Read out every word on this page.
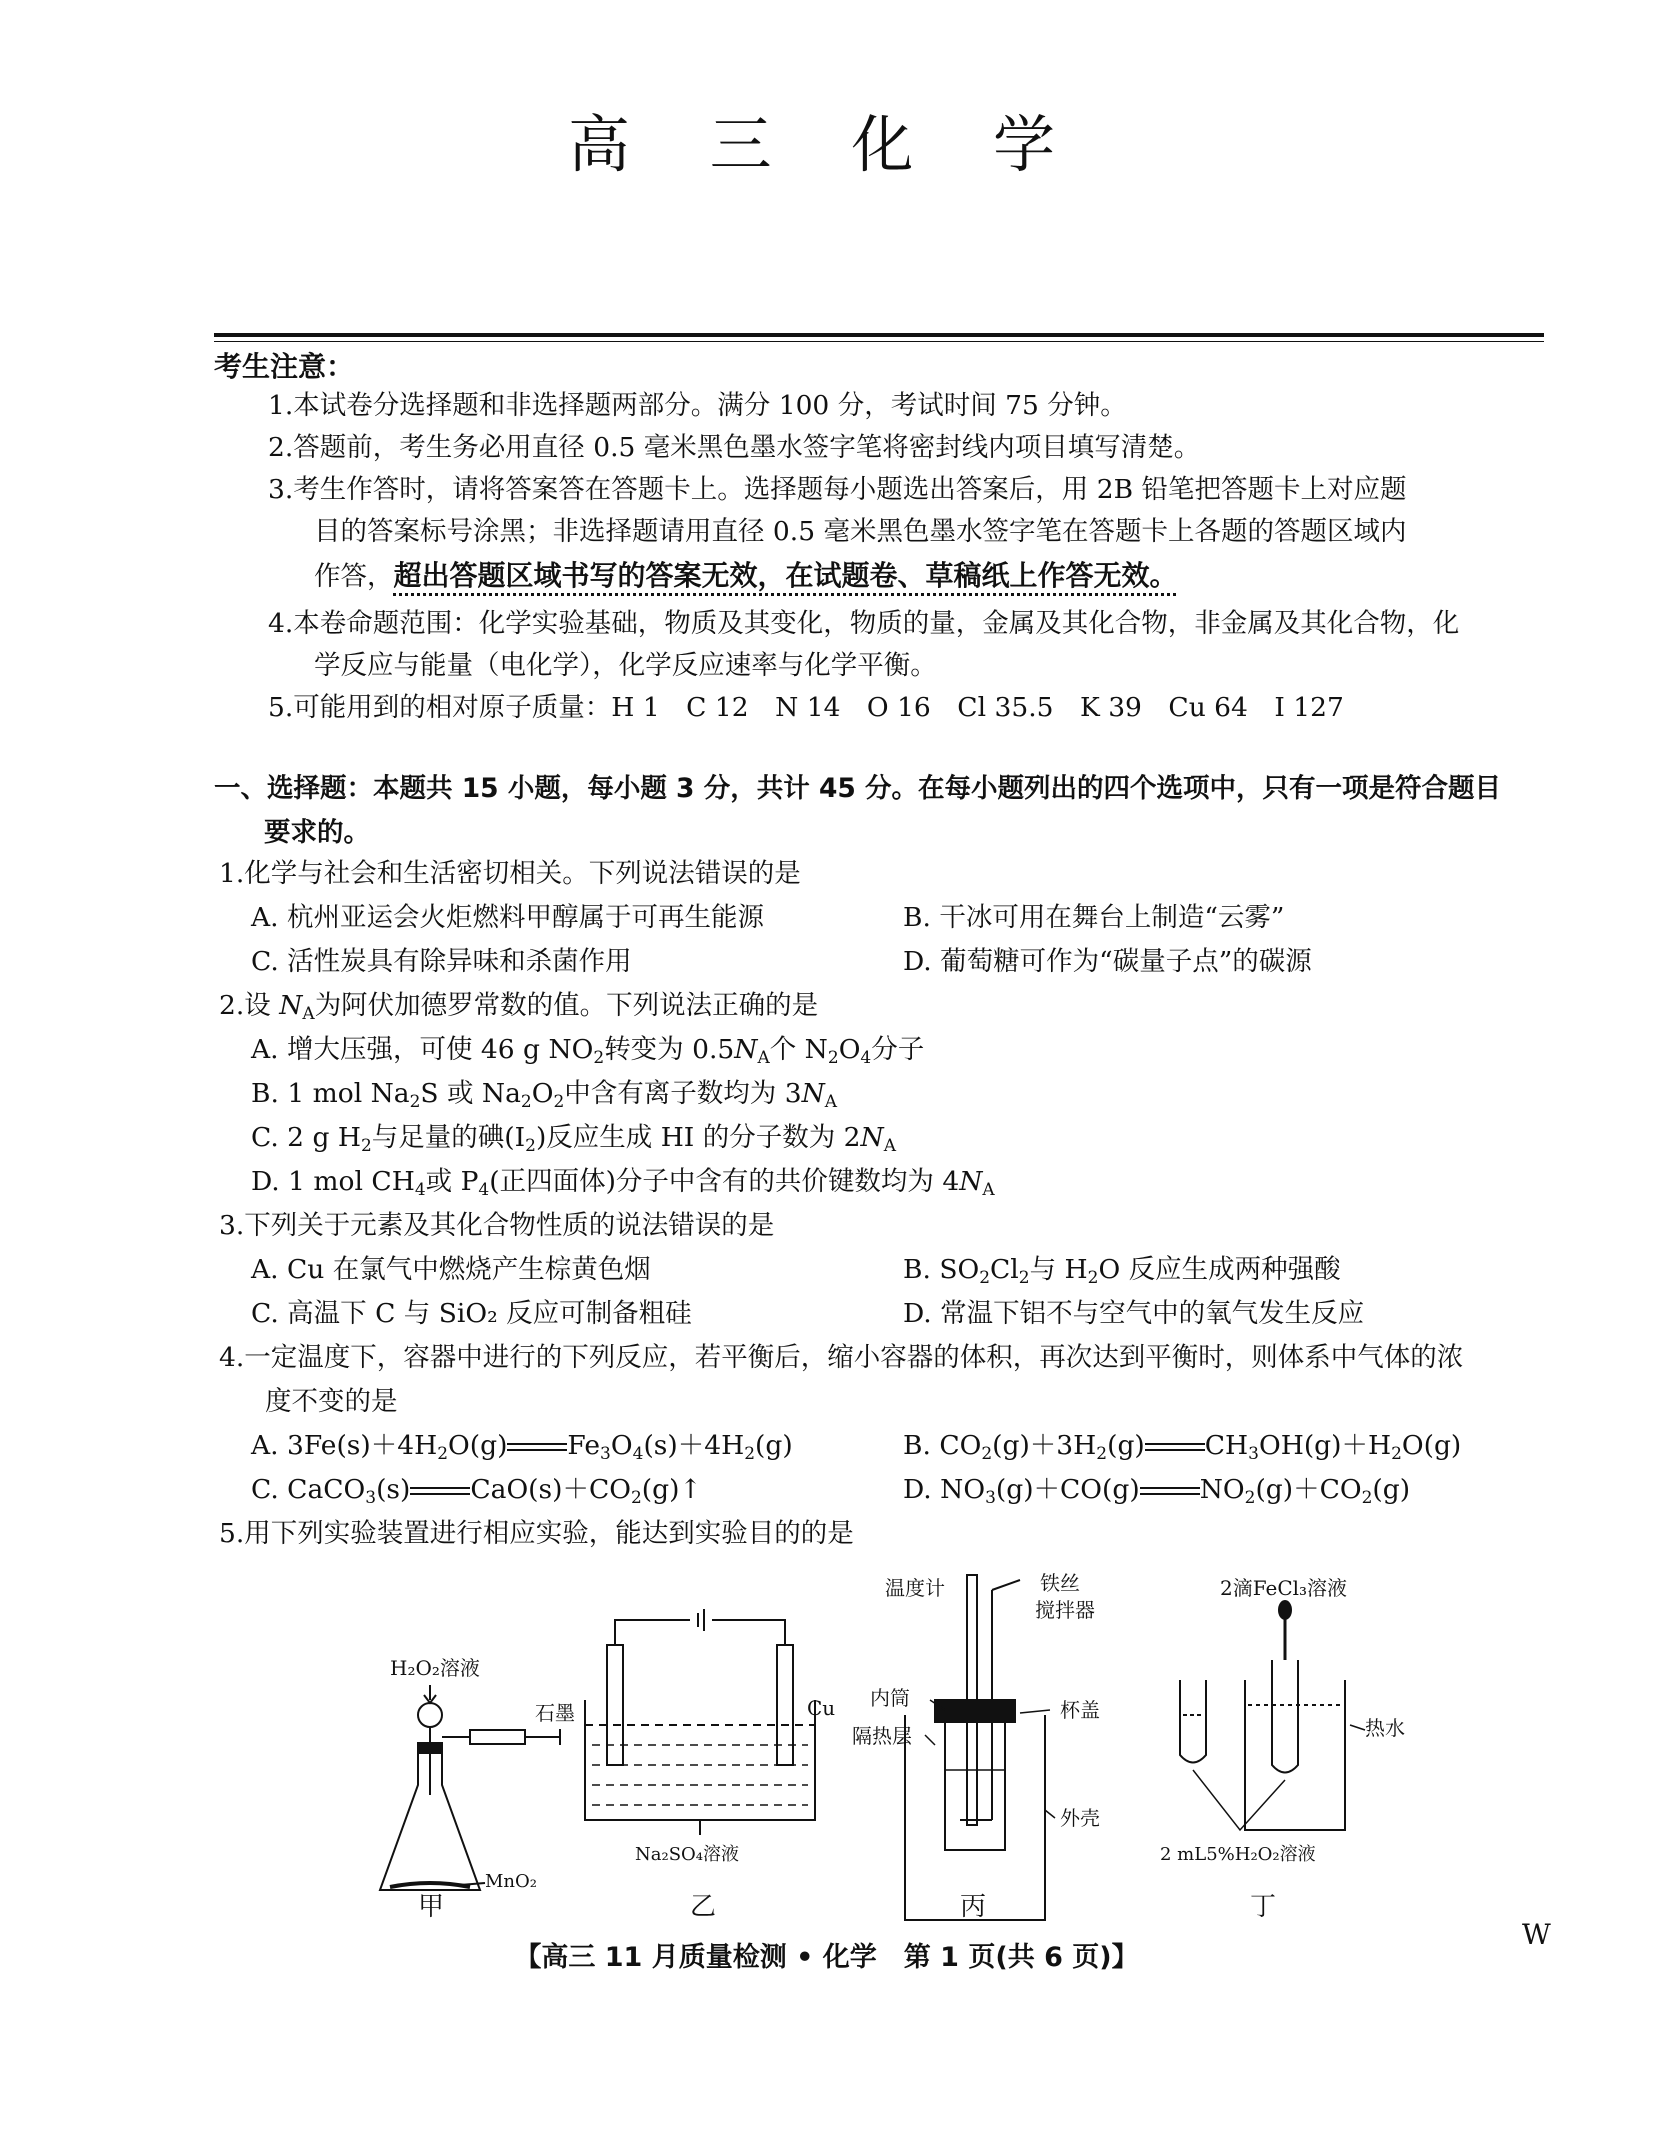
高 三 化 学
考生注意：
1.本试卷分选择题和非选择题两部分。满分 100 分，考试时间 75 分钟。
2.答题前，考生务必用直径 0.5 毫米黑色墨水签字笔将密封线内项目填写清楚。
3.考生作答时，请将答案答在答题卡上。选择题每小题选出答案后，用 2B 铅笔把答题卡上对应题
目的答案标号涂黑；非选择题请用直径 0.5 毫米黑色墨水签字笔在答题卡上各题的答题区域内
作答，超出答题区域书写的答案无效，在试题卷、草稿纸上作答无效。
4.本卷命题范围：化学实验基础，物质及其变化，物质的量，金属及其化合物，非金属及其化合物，化
学反应与能量（电化学），化学反应速率与化学平衡。
5.可能用到的相对原子质量：H 1　C 12　N 14　O 16　Cl 35.5　K 39　Cu 64　I 127
一、选择题：本题共 15 小题，每小题 3 分，共计 45 分。在每小题列出的四个选项中，只有一项是符合题目
要求的。
1.化学与社会和生活密切相关。下列说法错误的是
A. 杭州亚运会火炬燃料甲醇属于可再生能源	B. 干冰可用在舞台上制造“云雾”
C. 活性炭具有除异味和杀菌作用	D. 葡萄糖可作为“碳量子点”的碳源
2.设 $N_A$为阿伏加德罗常数的值。下列说法正确的是
A. 增大压强，可使 46 g $NO_2$转变为 $0.5N_A$个 $N_2O_4$分子
B. 1 mol $Na_2S$ 或 $Na_2O_2$中含有离子数均为 $3N_A$
C. 2 g $H_2$与足量的碘$(I_2)$反应生成 HI 的分子数为 $2N_A$
D. 1 mol $CH_4$或 $P_4$(正四面体)分子中含有的共价键数均为 $4N_A$
3.下列关于元素及其化合物性质的说法错误的是
A. Cu 在氯气中燃烧产生棕黄色烟	B. $SO_2Cl_2$与 $H_2O$ 反应生成两种强酸
C. 高温下 C 与 SiO₂ 反应可制备粗硅	D. 常温下铝不与空气中的氧气发生反应
4.一定温度下，容器中进行的下列反应，若平衡后，缩小容器的体积，再次达到平衡时，则体系中气体的浓
度不变的是
A. $3Fe(s)+4H_2O(g)$ $Fe_3O_4(s)+4H_2(g)$	B. $CO_2(g)+3H_2(g)$ $CH_3OH(g)+H_2O(g)$
C. CaCO$_3$(s) $CaO(s)+CO_2(g)↑$	D. $NO_3(g)+CO(g)$ $NO_2(g)+CO_2(g)$
5.用下列实验装置进行相应实验，能达到实验目的的是
H₂O₂溶液
MnO₂
甲
石墨	Cu
Na₂SO₄溶液
乙
温度计	铁丝
搅拌器
内筒	杯盖
隔热层
外壳
丙
2滴FeCl₃溶液
热水
2 mL5%H₂O₂溶液
丁
【高三 11 月质量检测 • 化学　第 1 页(共 6 页)】
W
